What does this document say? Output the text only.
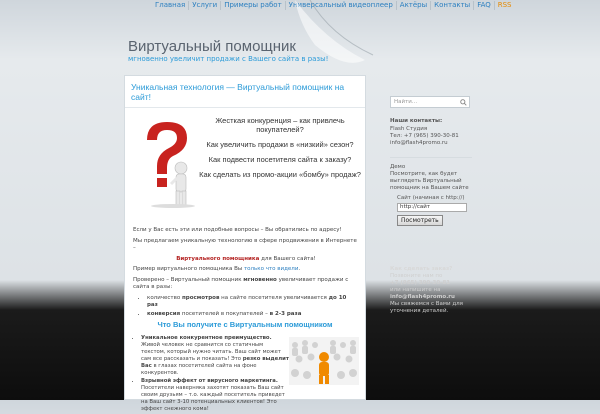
Главная	Услуги	Примеры работ	Универсальный видеоплеер	Актёры	Контакты	FAQ	RSS
Виртуальный помощник
мгновенно увеличит продажи с Вашего сайта в разы!
Уникальная технология — Виртуальный помощник на сайт!

Жесткая конкуренция – как привлечь покупателей?

Как увеличить продажи в «низкий» сезон?

Как подвести посетителя сайта к заказу?

Как сделать из промо-акции «бомбу» продаж?

Если у Вас есть эти или подобные вопросы – Вы обратились по адресу!

Мы предлагаем уникальную технологию в сфере продвижения в Интернете –

Виртуального помощника для Вашего сайта!

Пример виртуального помощника Вы только что видели.

Проверено – Виртуальный помощник мгновенно увеличивает продажи с сайта в разы:

• количество просмотров на сайте посетителя увеличивается до 10 раз
• конверсия посетителей в покупателей – в 2-3 раза
Что Вы получите с Виртуальным помощником
• Уникальное конкурентное преимущество. Живой человек не сравнится со статичным текстом, который нужно читать. Ваш сайт может сам все рассказать и показать! Это резко выделит Вас в глазах посетителей сайта на фоне конкурентов.
• Взрывной эффект от вирусного маркетинга. Посетители наверняка захотят показать Ваш сайт своим друзьям – т.о. каждый посетитель приведет на Ваш сайт 3-10 потенциальных клиентов! Это эффект снежного кома!
Найти...
Наши контакты:
Flash Студия
Тел: +7 (965) 390-30-81
info@flash4promo.ru
Демо
Посмотрите, как будет выглядеть Виртуальный помощник на Вашем сайте
Сайт (начиная с http://)
http://сайт
Посмотреть
Как сделать заказ?
Позвоните нам по
+7 (965) 390-30-81
или напишите на
info@flash4promo.ru
Мы свяжемся с Вами для уточнения деталей.
